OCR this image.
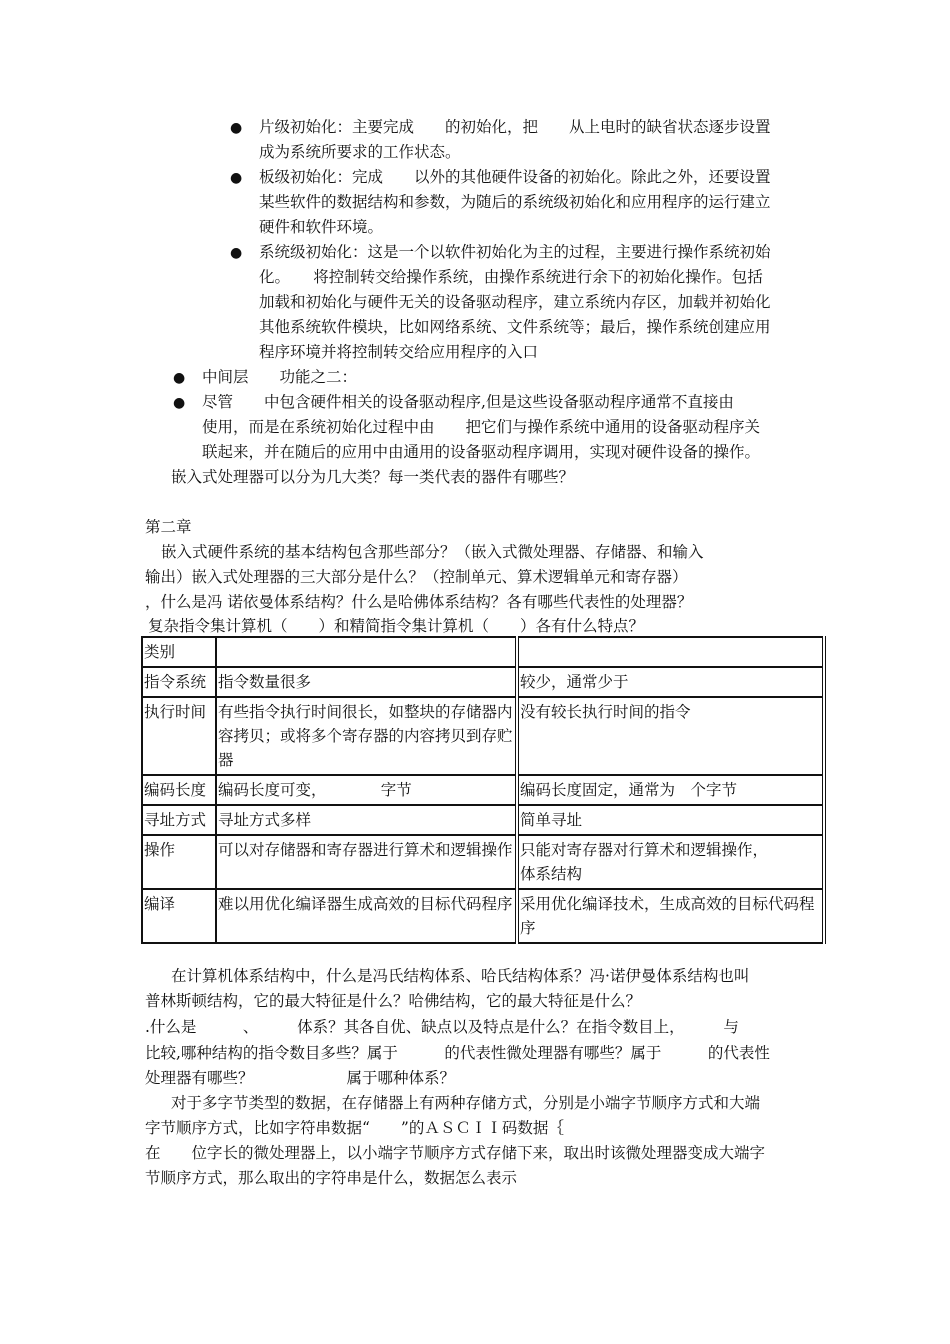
● 片级初始化：主要完成　　的初始化，把　　从上电时的缺省状态逐步设置
成为系统所要求的工作状态。
● 板级初始化：完成　　以外的其他硬件设备的初始化。除此之外，还要设置
某些软件的数据结构和参数，为随后的系统级初始化和应用程序的运行建立
硬件和软件环境。
● 系统级初始化：这是一个以软件初始化为主的过程，主要进行操作系统初始
化。　　将控制转交给操作系统，由操作系统进行余下的初始化操作。包括
加载和初始化与硬件无关的设备驱动程序，建立系统内存区，加载并初始化
其他系统软件模块，比如网络系统、文件系统等；最后，操作系统创建应用
程序环境并将控制转交给应用程序的入口
● 中间层　　功能之二：
● 尽管　　中包含硬件相关的设备驱动程序,但是这些设备驱动程序通常不直接由
使用，而是在系统初始化过程中由　　把它们与操作系统中通用的设备驱动程序关
联起来，并在随后的应用中由通用的设备驱动程序调用，实现对硬件设备的操作。
嵌入式处理器可以分为几大类？每一类代表的器件有哪些？
第二章
嵌入式硬件系统的基本结构包含那些部分？（嵌入式微处理器、存储器、和输入
输出）嵌入式处理器的三大部分是什么？（控制单元、算术逻辑单元和寄存器）
，什么是冯 诺依曼体系结构？什么是哈佛体系结构？各有哪些代表性的处理器？
复杂指令集计算机（　　）和精简指令集计算机（　　）各有什么特点？
类别		
指令系统	指令数量很多	较少，通常少于
执行时间	有些指令执行时间很长，如整块的存储器内容拷贝；或将多个寄存器的内容拷贝到存贮器	没有较长执行时间的指令
编码长度	编码长度可变，　　　　字节	编码长度固定，通常为　个字节
寻址方式	寻址方式多样	简单寻址
操作	可以对存储器和寄存器进行算术和逻辑操作	只能对寄存器对行算术和逻辑操作，　　　　　　体系结构
编译	难以用优化编译器生成高效的目标代码程序	采用优化编译技术，生成高效的目标代码程序
在计算机体系结构中，什么是冯氏结构体系、哈氏结构体系？冯·诺伊曼体系结构也叫
普林斯顿结构，它的最大特征是什么？哈佛结构，它的最大特征是什么？
.什么是　　　、　　　体系？其各自优、缺点以及特点是什么？在指令数目上，　　　与
比较,哪种结构的指令数目多些？属于　　　的代表性微处理器有哪些？属于　　　的代表性
处理器有哪些？　　　　　　属于哪种体系？
对于多字节类型的数据，在存储器上有两种存储方式，分别是小端字节顺序方式和大端
字节顺序方式，比如字符串数据“　　”的ＡＳＣＩＩ码数据｛
在　　位字长的微处理器上，以小端字节顺序方式存储下来，取出时该微处理器变成大端字
节顺序方式，那么取出的字符串是什么，数据怎么表示
